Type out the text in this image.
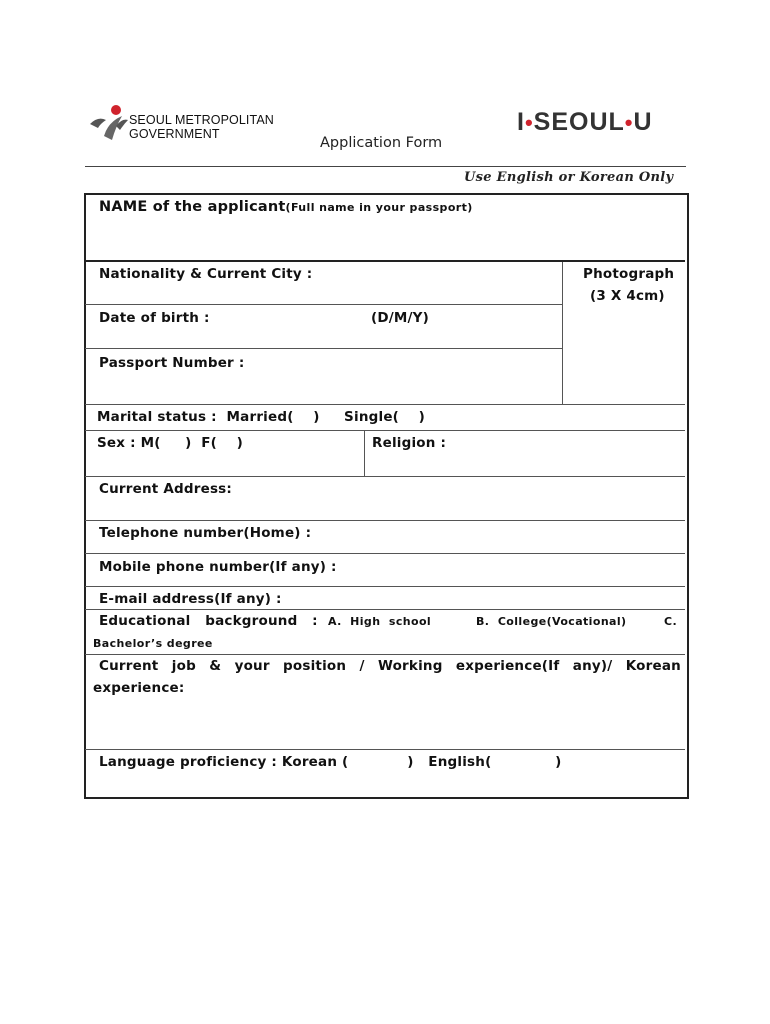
SEOUL METROPOLITAN
GOVERNMENT
Application Form
I•SEOUL•U
Use English or Korean Only
NAME of the applicant(Full name in your passport)
Nationality & Current City :	Photograph
(3 X 4cm)
Date of birth :	(D/M/Y)
Passport Number :
Marital status :  Married(    )     Single(    )
Sex : M(     )  F(    )	Religion :
Current Address:
Telephone number(Home) :
Mobile phone number(If any) :
E-mail address(If any) :
Educational   background   : A.  High  school	B.  College(Vocational)	C.
Bachelor’s degree
Current job & your position / Working experience(If any)/ Korean
experience:
Language proficiency : Korean (            )   English(             )
